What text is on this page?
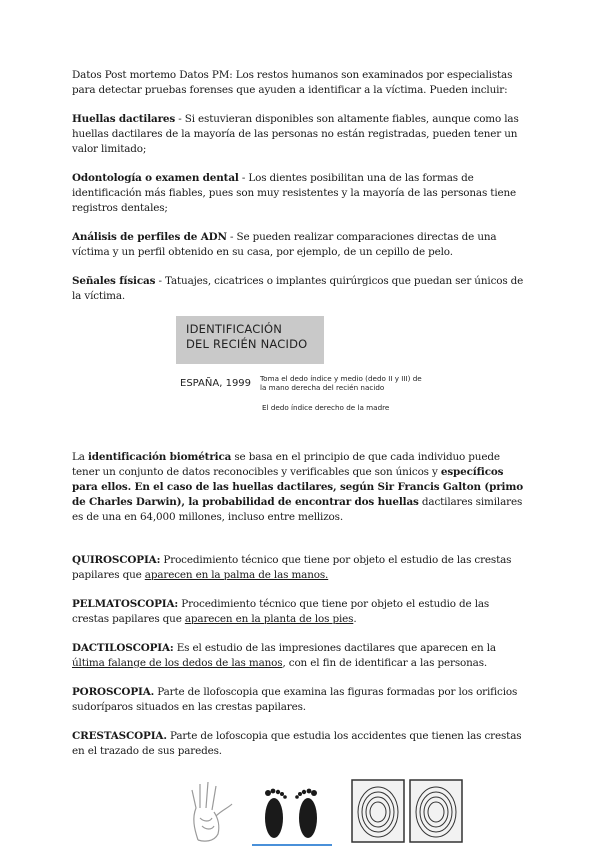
Datos Post mortemo Datos PM: Los restos humanos son examinados por especialistas para detectar pruebas forenses que ayuden a identificar a la víctima. Pueden incluir:

Huellas dactilares - Si estuvieran disponibles son altamente fiables, aunque como las huellas dactilares de la mayoría de las personas no están registradas, pueden tener un valor limitado;

Odontología o examen dental - Los dientes posibilitan una de las formas de identificación más fiables, pues son muy resistentes y la mayoría de las personas tiene registros dentales;

Análisis de perfiles de ADN - Se pueden realizar comparaciones directas de una víctima y un perfil obtenido en su casa, por ejemplo, de un cepillo de pelo.

Señales físicas - Tatuajes, cicatrices o implantes quirúrgicos que puedan ser únicos de la víctima.

IDENTIFICACIÓN
DEL RECIÉN NACIDO
ESPAÑA, 1999 Toma el dedo índice y medio (dedo II y III) de la mano derecha del recién nacido
El dedo índice derecho de la madre

La identificación biométrica se basa en el principio de que cada individuo puede tener un conjunto de datos reconocibles y verificables que son únicos y específicos para ellos. En el caso de las huellas dactilares, según Sir Francis Galton (primo de Charles Darwin), la probabilidad de encontrar dos huellas dactilares similares es de una en 64,000 millones, incluso entre mellizos.

QUIROSCOPIA: Procedimiento técnico que tiene por objeto el estudio de las crestas papilares que aparecen en la palma de las manos.

PELMATOSCOPIA: Procedimiento técnico que tiene por objeto el estudio de las crestas papilares que aparecen en la planta de los pies.

DACTILOSCOPIA: Es el estudio de las impresiones dactilares que aparecen en la última falange de los dedos de las manos, con el fin de identificar a las personas.

POROSCOPIA. Parte de llofoscopia que examina las figuras formadas por los orificios sudoríparos situados en las crestas papilares.

CRESTASCOPIA. Parte de lofoscopia que estudia los accidentes que tienen las crestas en el trazado de sus paredes.
